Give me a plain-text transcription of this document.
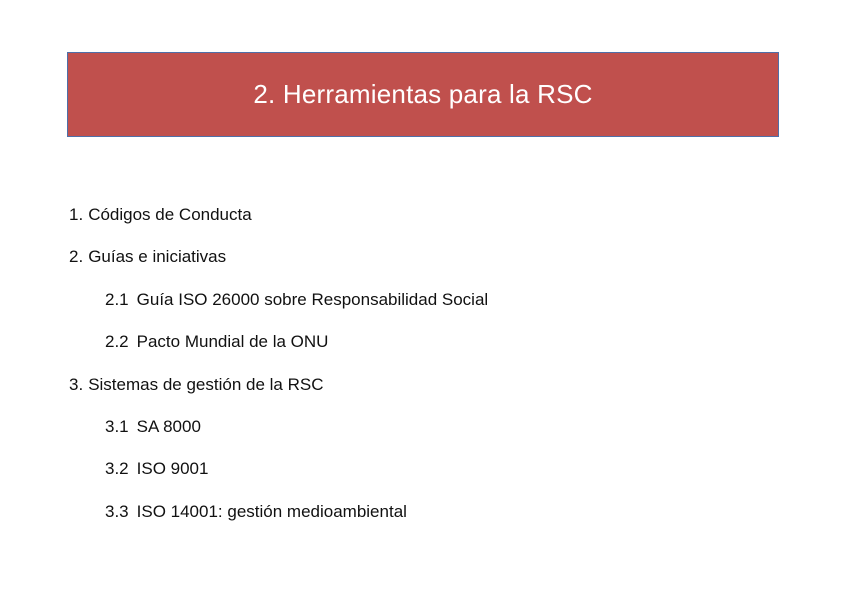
2. Herramientas para la RSC
1. Códigos de Conducta
2. Guías e iniciativas
2.1 Guía ISO 26000 sobre Responsabilidad Social
2.2 Pacto Mundial de la ONU
3. Sistemas de gestión de la RSC
3.1 SA 8000
3.2 ISO 9001
3.3 ISO 14001: gestión medioambiental
